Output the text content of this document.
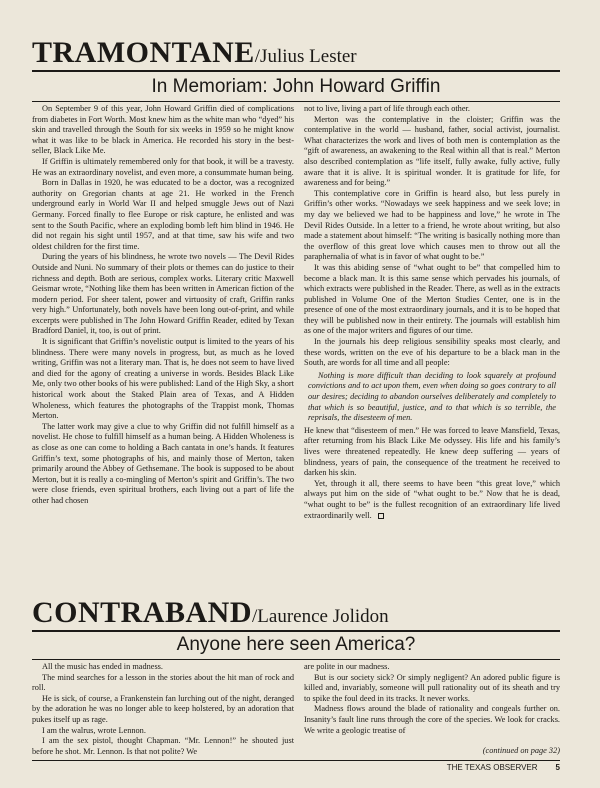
TRAMONTANE/Julius Lester
In Memoriam: John Howard Griffin

On September 9 of this year, John Howard Griffin died of complications from diabetes in Fort Worth. Most knew him as the white man who “dyed” his skin and travelled through the South for six weeks in 1959 so he might know what it was like to be black in America. He recorded his story in the best-seller, Black Like Me.

If Griffin is ultimately remembered only for that book, it will be a travesty. He was an extraordinary novelist, and even more, a consummate human being.

Born in Dallas in 1920, he was educated to be a doctor, was a recognized authority on Gregorian chants at age 21. He worked in the French underground early in World War II and helped smuggle Jews out of Nazi Germany. Forced finally to flee Europe or risk capture, he enlisted and was sent to the South Pacific, where an exploding bomb left him blind in 1946. He did not regain his sight until 1957, and at that time, saw his wife and two oldest children for the first time.

During the years of his blindness, he wrote two novels — The Devil Rides Outside and Nuni. No summary of their plots or themes can do justice to their richness and depth. Both are serious, complex works. Literary critic Maxwell Geismar wrote, “Nothing like them has been written in American fiction of the modern period. For sheer talent, power and virtuosity of craft, Griffin ranks very high.” Unfortunately, both novels have been long out-of-print, and while excerpts were published in The John Howard Griffin Reader, edited by Texan Bradford Daniel, it, too, is out of print.

It is significant that Griffin’s novelistic output is limited to the years of his blindness. There were many novels in progress, but, as much as he loved writing, Griffin was not a literary man. That is, he does not seem to have lived and died for the agony of creating a universe in words. Besides Black Like Me, only two other books of his were published: Land of the High Sky, a short historical work about the Staked Plain area of Texas, and A Hidden Wholeness, which features the photographs of the Trappist monk, Thomas Merton.

The latter work may give a clue to why Griffin did not fulfill himself as a novelist. He chose to fulfill himself as a human being. A Hidden Wholeness is as close as one can come to holding a Bach cantata in one’s hands. It features Griffin’s text, some photographs of his, and mainly those of Merton, taken primarily around the Abbey of Gethsemane. The book is supposed to be about Merton, but it is really a co-mingling of Merton’s spirit and Griffin’s. The two were close friends, even spiritual brothers, each living out a part of life the other had chosen

not to live, living a part of life through each other.

Merton was the contemplative in the cloister; Griffin was the contemplative in the world — husband, father, social activist, journalist. What characterizes the work and lives of both men is contemplation as the “gift of awareness, an awakening to the Real within all that is real.” Merton also described contemplation as “life itself, fully awake, fully active, fully aware that it is alive. It is spiritual wonder. It is gratitude for life, for awareness and for being.”

This contemplative core in Griffin is heard also, but less purely in Griffin’s other works. “Nowadays we seek happiness and we seek love; in my day we believed we had to be happiness and love,” he wrote in The Devil Rides Outside. In a letter to a friend, he wrote about writing, but also made a statement about himself: “The writing is basically nothing more than the overflow of this great love which causes men to throw out all the paraphernalia of what is in favor of what ought to be.”

It was this abiding sense of “what ought to be” that compelled him to become a black man. It is this same sense which pervades his journals, of which extracts were published in the Reader. There, as well as in the extracts published in Volume One of the Merton Studies Center, one is in the presence of one of the most extraordinary journals, and it is to be hoped that they will be published now in their entirety. The journals will establish him as one of the major writers and figures of our time.

In the journals his deep religious sensibility speaks most clearly, and these words, written on the eve of his departure to be a black man in the South, are words for all time and all people:

Nothing is more difficult than deciding to look squarely at profound convictions and to act upon them, even when doing so goes contrary to all our desires; deciding to abandon ourselves deliberately and completely to that which is so beautiful, justice, and to that which is so terrible, the reprisals, the disesteem of men.

He knew that “disesteem of men.” He was forced to leave Mansfield, Texas, after returning from his Black Like Me odyssey. His life and his family’s lives were threatened repeatedly. He knew deep suffering — years of blindness, years of pain, the consequence of the treatment he received to darken his skin.

Yet, through it all, there seems to have been “this great love,” which always put him on the side of “what ought to be.” Now that he is dead, “what ought to be” is the fullest recognition of an extraordinary life lived extraordinarily well.

CONTRABAND/Laurence Jolidon
Anyone here seen America?

All the music has ended in madness.

The mind searches for a lesson in the stories about the hit man of rock and roll.

He is sick, of course, a Frankenstein fan lurching out of the night, deranged by the adoration he was no longer able to keep holstered, by an adoration that pukes itself up as rage.

I am the walrus, wrote Lennon.

I am the sex pistol, thought Chapman. “Mr. Lennon!” he shouted just before he shot. Mr. Lennon. Is that not polite? We

are polite in our madness.

But is our society sick? Or simply negligent? An adored public figure is killed and, invariably, someone will pull rationality out of its sheath and try to spike the foul deed in its tracks. It never works.

Madness flows around the blade of rationality and congeals further on. Insanity’s fault line runs through the core of the species. We look for cracks. We write a geologic treatise of

(continued on page 32)
THE TEXAS OBSERVER 5
